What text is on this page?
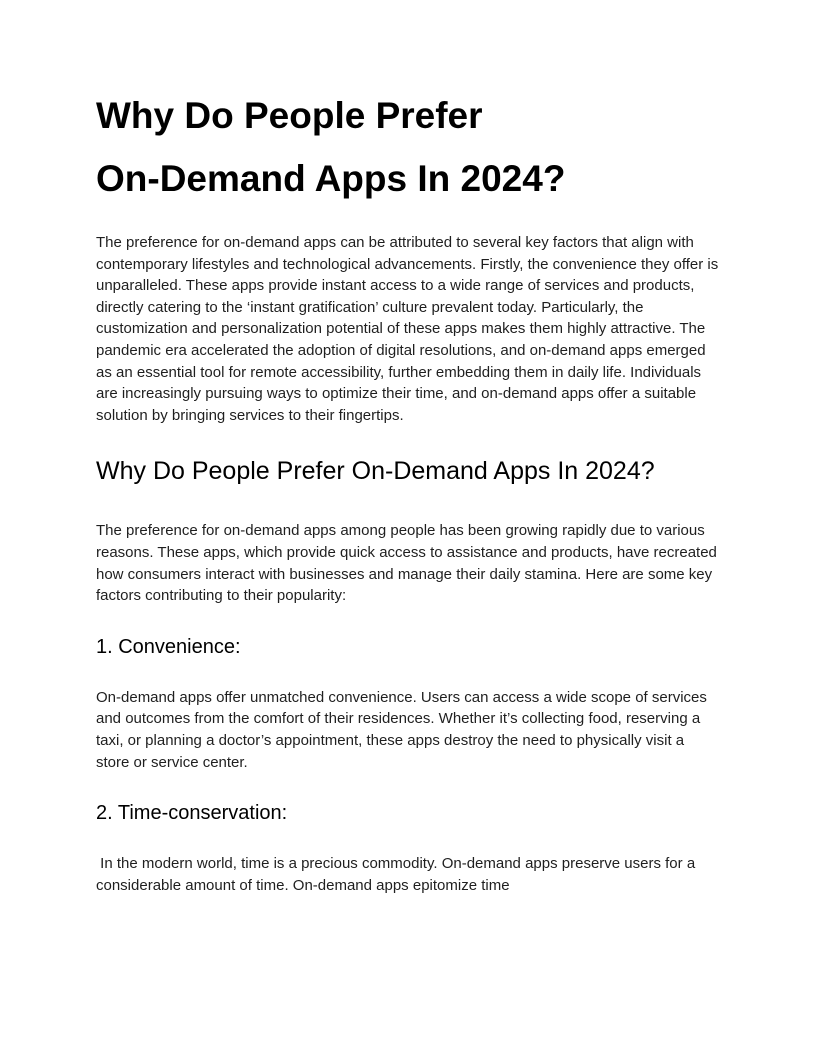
Why Do People Prefer
On-Demand Apps In 2024?

The preference for on-demand apps can be attributed to several key factors that align with contemporary lifestyles and technological advancements. Firstly, the convenience they offer is unparalleled. These apps provide instant access to a wide range of services and products, directly catering to the ‘instant gratification’ culture prevalent today. Particularly, the customization and personalization potential of these apps makes them highly attractive. The pandemic era accelerated the adoption of digital resolutions, and on-demand apps emerged as an essential tool for remote accessibility, further embedding them in daily life. Individuals are increasingly pursuing ways to optimize their time, and on-demand apps offer a suitable solution by bringing services to their fingertips.

Why Do People Prefer On-Demand Apps In 2024?

The preference for on-demand apps among people has been growing rapidly due to various reasons. These apps, which provide quick access to assistance and products, have recreated how consumers interact with businesses and manage their daily stamina. Here are some key factors contributing to their popularity:

1. Convenience:

On-demand apps offer unmatched convenience. Users can access a wide scope of services and outcomes from the comfort of their residences. Whether it’s collecting food, reserving a taxi, or planning a doctor’s appointment, these apps destroy the need to physically visit a store or service center.

2. Time-conservation:

In the modern world, time is a precious commodity. On-demand apps preserve users for a considerable amount of time. On-demand apps epitomize time
